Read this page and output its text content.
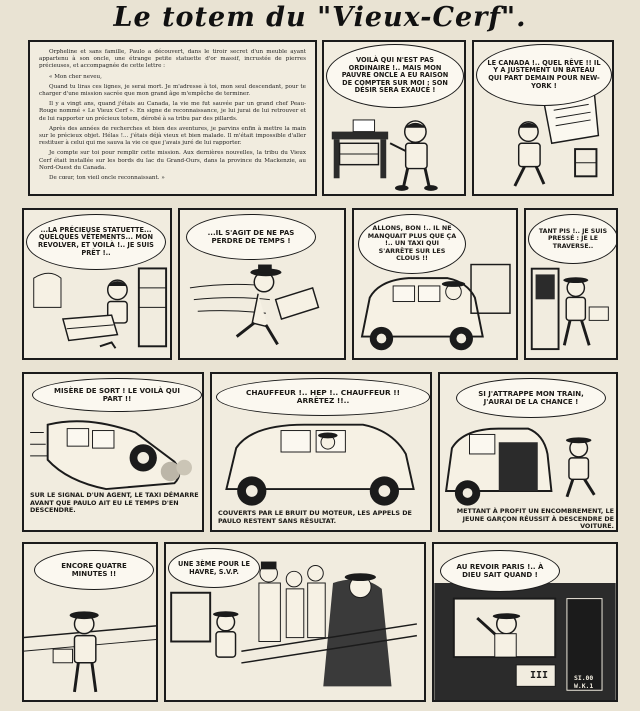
Le totem du "Vieux-Cerf".

Orpheline et sans famille, Paulo a découvert, dans le tiroir secret d'un meuble ayant appartenu à son oncle, une étrange petite statuette d'or massif, incrustée de pierres précieuses, et accompagnée de cette lettre :

« Mon cher neveu,

Quand tu liras ces lignes, je serai mort. Je m'adresse à toi, mon seul descendant, pour te charger d'une mission sacrée que mon grand âge m'empêche de terminer.

Il y a vingt ans, quand j'étais au Canada, la vie me fut sauvée par un grand chef Peau-Rouge nommé « Le Vieux Cerf ». En signe de reconnaissance, je lui jurai de lui retrouver et de lui rapporter un précieux totem, dérobé à sa tribu par des pillards.

Après des années de recherches et bien des aventures, je parvins enfin à mettre la main sur le précieux objet. Hélas !... j'étais déjà vieux et bien malade. Il m'était impossible d'aller restituer à celui qui me sauva la vie ce que j'avais juré de lui rapporter.

Je compte sur toi pour remplir cette mission. Aux dernières nouvelles, la tribu du Vieux Cerf était installée sur les bords du lac du Grand-Ours, dans la province du Mackenzie, au Nord-Ouest du Canada.

De cœur, ton vieil oncle reconnaissant. »

VOILÀ QUI N'EST PAS ORDINAIRE !.. MAIS MON PAUVRE ONCLE A EU RAISON DE COMPTER SUR MOI : SON DÉSIR SERA EXAUCÉ !
LE CANADA !.. QUEL RÊVE !! IL Y A JUSTEMENT UN BATEAU QUI PART DEMAIN POUR NEW-YORK !
...LA PRÉCIEUSE STATUETTE... QUELQUES VÊTEMENTS... MON REVOLVER, ET VOILÀ !.. JE SUIS PRÊT !..
...IL S'AGIT DE NE PAS PERDRE DE TEMPS !
ALLONS, BON !.. IL NE MANQUAIT PLUS QUE ÇA !.. UN TAXI QUI S'ARRÊTE SUR LES CLOUS !!
TANT PIS !.. JE SUIS PRESSÉ : JE LE TRAVERSE..
MISÈRE DE SORT ! LE VOILÀ QUI PART !!
SUR LE SIGNAL D'UN AGENT, LE TAXI DÉMARRE AVANT QUE PAULO AIT EU LE TEMPS D'EN DESCENDRE.
CHAUFFEUR !.. HEP !.. CHAUFFEUR !! ARRÊTEZ !!..
COUVERTS PAR LE BRUIT DU MOTEUR, LES APPELS DE PAULO RESTENT SANS RÉSULTAT.
SI J'ATTRAPPE MON TRAIN, J'AURAI DE LA CHANCE !
METTANT À PROFIT UN ENCOMBREMENT, LE JEUNE GARÇON RÉUSSIT À DESCENDRE DE VOITURE.
ENCORE QUATRE MINUTES !!
UNE 3ÈME POUR LE HAVRE, S.V.P.
AU REVOIR PARIS !.. À DIEU SAIT QUAND !
III	SI.00 W.K.1
